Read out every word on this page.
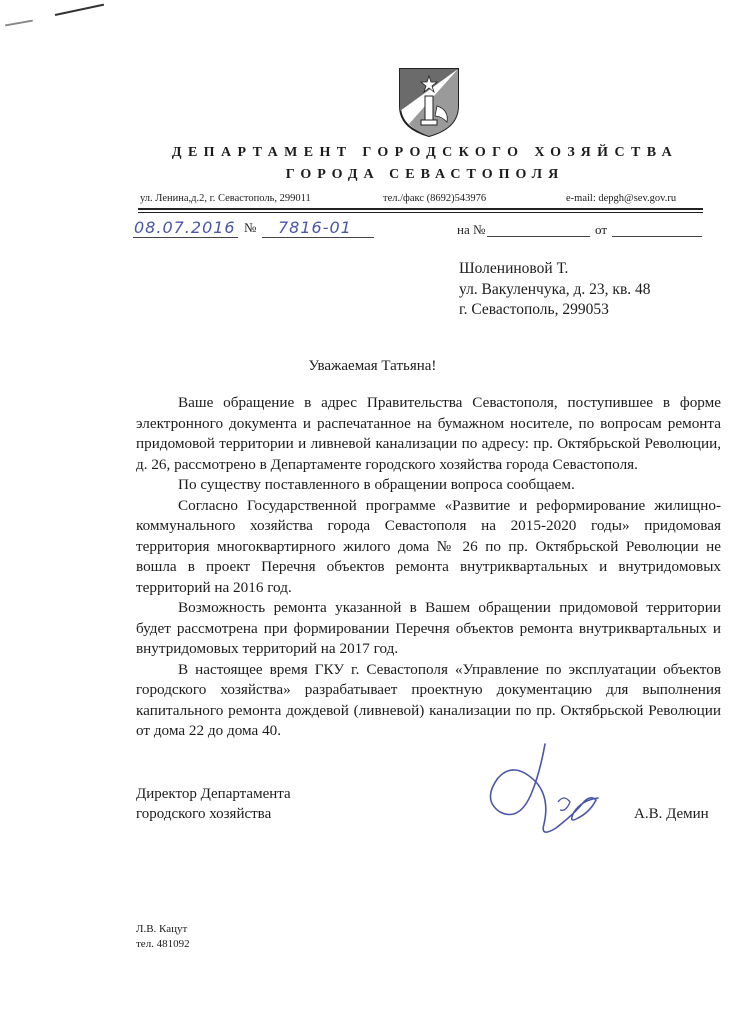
ДЕПАРТАМЕНТ ГОРОДСКОГО ХОЗЯЙСТВА
ГОРОДА СЕВАСТОПОЛЯ
ул. Ленина,д.2, г. Севастополь, 299011	тел./факс (8692)543976	e-mail: depgh@sev.gov.ru
08.07.2016 № 7816-01	на №	от
Шолениновой Т.
ул. Вакуленчука, д. 23, кв. 48
г. Севастополь, 299053
Уважаемая Татьяна!

Ваше обращение в адрес Правительства Севастополя, поступившее в форме электронного документа и распечатанное на бумажном носителе, по вопросам ремонта придомовой территории и ливневой канализации по адресу: пр. Октябрьской Революции, д. 26, рассмотрено в Департаменте городского хозяйства города Севастополя.

По существу поставленного в обращении вопроса сообщаем.

Согласно Государственной программе «Развитие и реформирование жилищно-коммунального хозяйства города Севастополя на 2015-2020 годы» придомовая территория многоквартирного жилого дома № 26 по пр. Октябрьской Революции не вошла в проект Перечня объектов ремонта внутриквартальных и внутридомовых территорий на 2016 год.

Возможность ремонта указанной в Вашем обращении придомовой территории будет рассмотрена при формировании Перечня объектов ремонта внутриквартальных и внутридомовых территорий на 2017 год.

В настоящее время ГКУ г. Севастополя «Управление по эксплуатации объектов городского хозяйства» разрабатывает проектную документацию для выполнения капитального ремонта дождевой (ливневой) канализации по пр. Октябрьской Революции от дома 22 до дома 40.

Директор Департамента
городского хозяйства	А.В. Демин
Л.В. Кацут
тел. 481092
